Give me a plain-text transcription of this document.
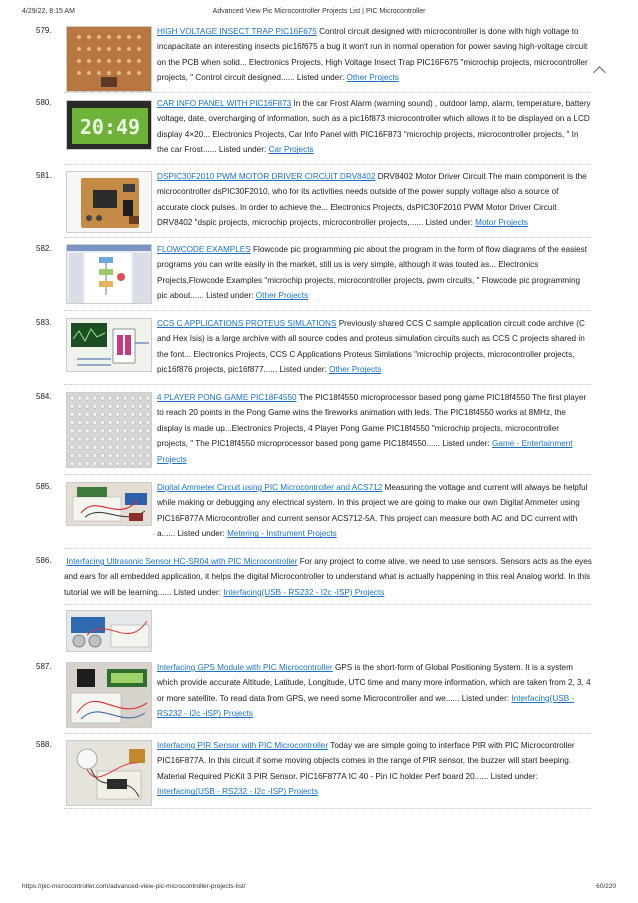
4/29/22, 8:15 AM	Advanced View Pic Microcontroller Projects List | PIC Microcontroller
579.	HIGH VOLTAGE INSECT TRAP PIC16F675 Control circuit designed with microcontroller is done with high voltage to incapacitate an interesting insects pic16f675 a bug it won't run in normal operation for power saving high-voltage circuit on the PCB when solid... Electronics Projects, High Voltage Insect Trap PIC16F675 "microchip projects, microcontroller projects, " Control circuit designed...... Listed under: Other Projects
580.
20:49
CAR INFO PANEL WITH PIC16F873 In the car Frost Alarm (warning sound) , outdoor lamp, alarm, temperature, battery voltage, date, overcharging of information, such as a pic16f873 microcontroller which allows it to be displayed on a LCD display 4×20... Electronics Projects, Car Info Panel with PIC16F873 "microchip projects, microcontroller projects, " In the car Frost...... Listed under: Car Projects
581.	DSPIC30F2010 PWM MOTOR DRIVER CIRCUIT DRV8402 DRV8402 Motor Driver Circuit The main component is the microcontroller dsPIC30F2010, who for its activities needs outside of the power supply voltage also a source of accurate clock pulses. In order to achieve the... Electronics Projects, dsPIC30F2010 PWM Motor Driver Circuit DRV8402 "dspic projects, microchip projects, microcontroller projects,...... Listed under: Motor Projects
582.	FLOWCODE EXAMPLES Flowcode pic programming pic about the program in the form of flow diagrams of the easiest programs you can write easily in the market, still us is very simple, although it was touted as... Electronics Projects,Flowcode Examples "microchip projects, microcontroller projects, pwm circuits, " Flowcode pic programming pic about...... Listed under: Other Projects
583.	CCS C APPLICATIONS PROTEUS SIMLATIONS Previously shared CCS C sample application circuit code archive (C and Hex Isis) is a large archive with all source codes and proteus simulation circuits such as CCS C projects shared in the font... Electronics Projects, CCS C Applications Proteus Simlations "microchip projects, microcontroller projects, pic16f876 projects, pic16f877...... Listed under: Other Projects
584.	4 PLAYER PONG GAME PIC18F4550 The PIC18f4550 microprocessor based pong game PIC18f4550 The first player to reach 20 points in the Pong Game wins the fireworks animation with leds. The PIC18f4550 works at 8MHz, the display is made up...Electronics Projects, 4 Player Pong Game PIC18f4550 "microchip projects, microcontroller projects, " The PIC18f4550 microprocessor based pong game PIC18f4550...... Listed under: Game - Entertainment Projects
585.	Digital Ammeter Circuit using PIC Microcontroller and ACS712 Measuring the voltage and current will always be helpful while making or debugging any electrical system. In this project we are going to make our own Digital Ammeter using PIC16F877A Microcontroller and current sensor ACS712-5A. This project can measure both AC and DC current with a...... Listed under: Metering - Instrument Projects
586.	Interfacing Ultrasonic Sensor HC-SR04 with PIC Microcontroller For any project to come alive, we need to use sensors. Sensors acts as the eyes and ears for all embedded application, it helps the digital Microcontroller to understand what is actually happening in this real Analog world. In this tutorial we will be learning...... Listed under: Interfacing(USB - RS232 - I2c -ISP) Projects
587.	Interfacing GPS Module with PIC Microcontroller GPS is the short-form of Global Positioning System. It is a system which provide accurate Altitude, Latitude, Longitude, UTC time and many more information, which are taken from 2, 3, 4 or more satellite. To read data from GPS, we need some Microcontroller and we...... Listed under: Interfacing(USB - RS232 - I2c -ISP) Projects
588.	Interfacing PIR Sensor with PIC Microcontroller Today we are simple going to interface PIR with PIC Microcontroller PIC16F877A. In this circuit if some moving objects comes in the range of PIR sensor, the buzzer will start beeping. Material Required PicKit 3 PIR Sensor. PIC16F877A IC 40 - Pin IC holder Perf board 20...... Listed under: Interfacing(USB - RS232 - I2c -ISP) Projects
https://pic-microcontroller.com/advanced-view-pic-microcontroller-projects-list/	60/220
